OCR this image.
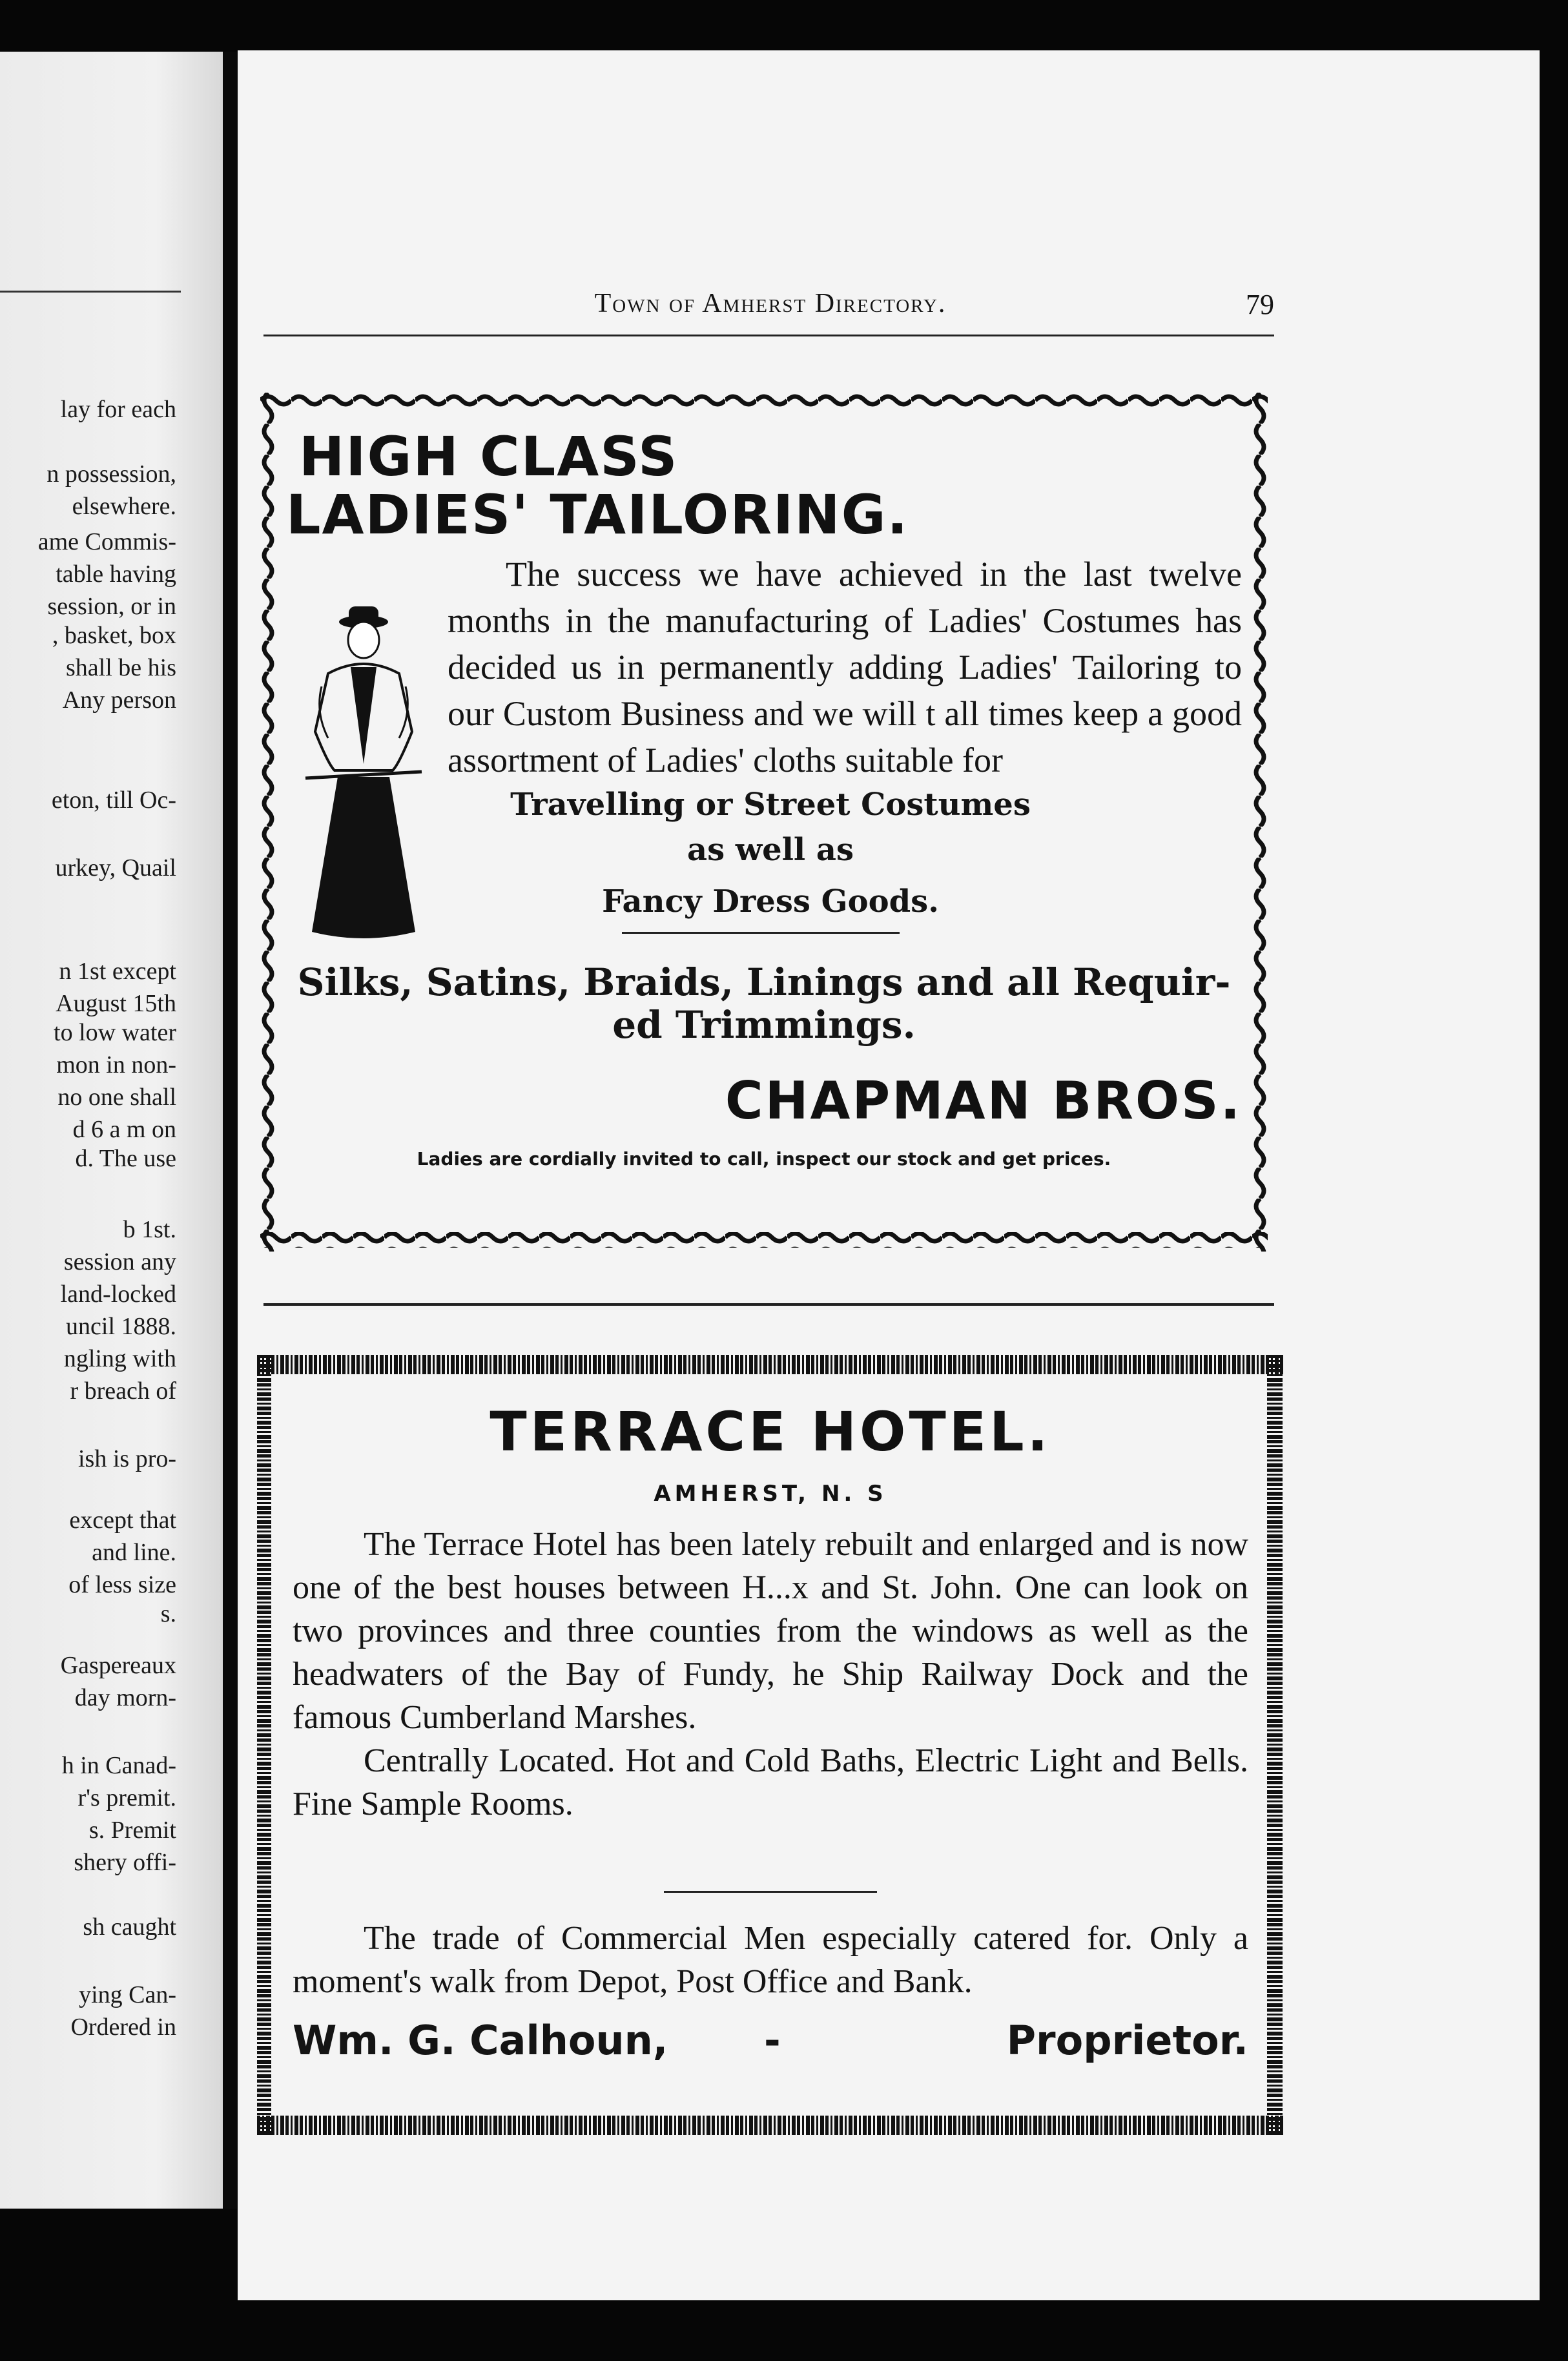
lay for each
n possession,
elsewhere.
ame Commis-
table having
session, or in
, basket, box
shall be his
Any person
eton, till Oc-
urkey, Quail
n 1st except
August 15th
to low water
mon in non-
no one shall
d 6 a m on
d. The use
b 1st.
session any
land-locked
uncil 1888.
ngling with
r breach of
ish is pro-
except that
and line.
of less size
s.
Gaspereaux
day morn-
h in Canad-
r's premit.
s. Premit
shery offi-
sh caught
ying Can-
Ordered in
Town of Amherst Directory.	79
HIGH CLASS
LADIES' TAILORING.
The success we have achieved in the last twelve months in the manufacturing of Ladies' Costumes has decided us in permanently adding Ladies' Tailoring to our Custom Business and we will t all times keep a good assortment of Ladies' cloths suitable for
Travelling or Street Costumes
as well as
Fancy Dress Goods.
Silks, Satins, Braids, Linings and all Requir- ed Trimmings.
CHAPMAN BROS.
Ladies are cordially invited to call, inspect our stock and get prices.
TERRACE HOTEL.
AMHERST, N. S

The Terrace Hotel has been lately rebuilt and enlarged and is now one of the best houses between H...x and St. John. One can look on two provinces and three counties from the windows as well as the headwaters of the Bay of Fundy, he Ship Railway Dock and the famous Cumberland Marshes.

Centrally Located. Hot and Cold Baths, Electric Light and Bells. Fine Sample Rooms.

The trade of Commercial Men especially catered for. Only a moment's walk from Depot, Post Office and Bank.

Wm. G. Calhoun, -	Proprietor.
